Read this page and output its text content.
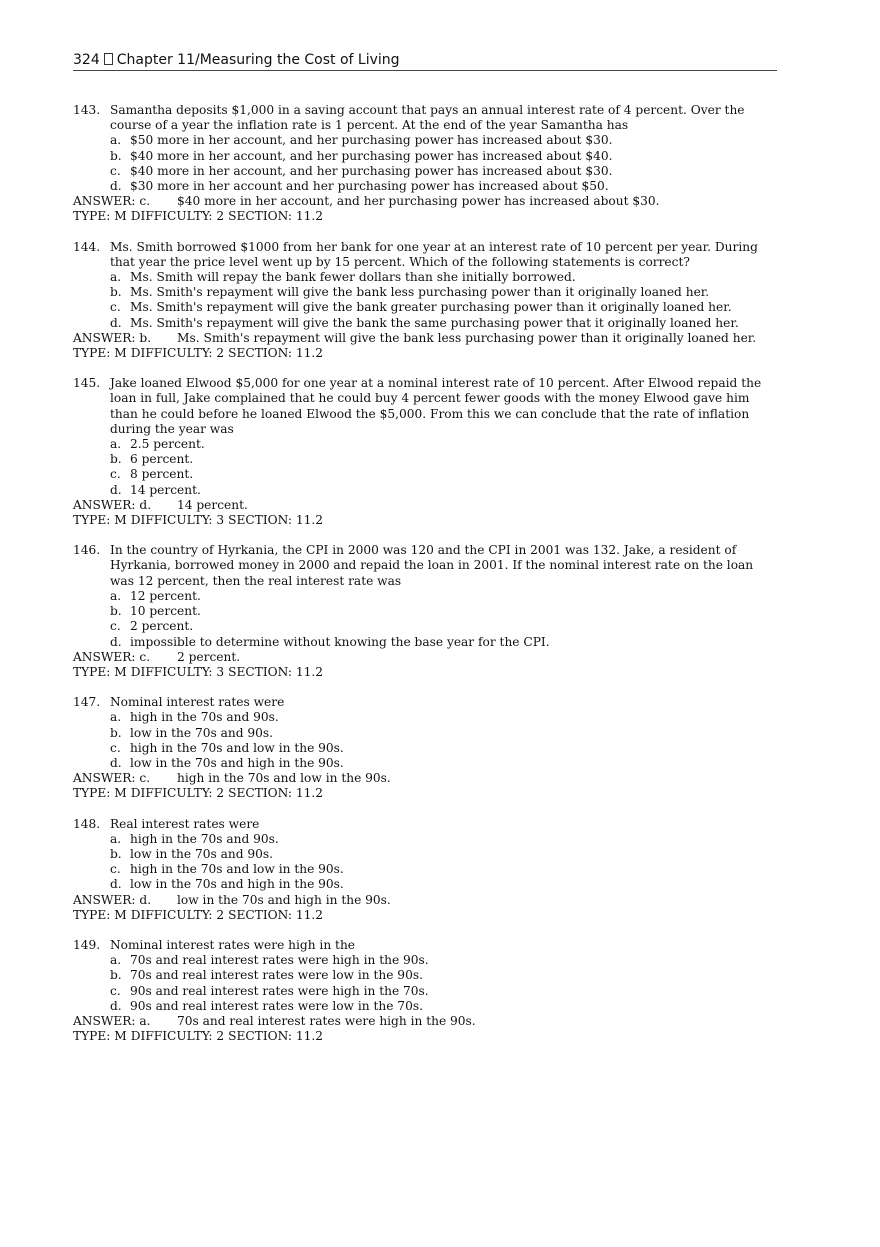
324 Chapter 11/Measuring the Cost of Living
143. Samantha deposits $1,000 in a saving account that pays an annual interest rate of 4 percent. Over the course of a year the inflation rate is 1 percent. At the end of the year Samantha has
a. $50 more in her account, and her purchasing power has increased about $30.
b. $40 more in her account, and her purchasing power has increased about $40.
c. $40 more in her account, and her purchasing power has increased about $30.
d. $30 more in her account and her purchasing power has increased about $50.
ANSWER: c.	$40 more in her account, and her purchasing power has increased about $30.
TYPE: M DIFFICULTY: 2 SECTION: 11.2
144. Ms. Smith borrowed $1000 from her bank for one year at an interest rate of 10 percent per year. During that year the price level went up by 15 percent. Which of the following statements is correct?
a. Ms. Smith will repay the bank fewer dollars than she initially borrowed.
b. Ms. Smith's repayment will give the bank less purchasing power than it originally loaned her.
c. Ms. Smith's repayment will give the bank greater purchasing power than it originally loaned her.
d. Ms. Smith's repayment will give the bank the same purchasing power that it originally loaned her.
ANSWER: b.	Ms. Smith's repayment will give the bank less purchasing power than it originally loaned her.
TYPE: M DIFFICULTY: 2 SECTION: 11.2
145. Jake loaned Elwood $5,000 for one year at a nominal interest rate of 10 percent. After Elwood repaid the loan in full, Jake complained that he could buy 4 percent fewer goods with the money Elwood gave him than he could before he loaned Elwood the $5,000. From this we can conclude that the rate of inflation during the year was
a. 2.5 percent.
b. 6 percent.
c. 8 percent.
d. 14 percent.
ANSWER: d.	14 percent.
TYPE: M DIFFICULTY: 3 SECTION: 11.2
146. In the country of Hyrkania, the CPI in 2000 was 120 and the CPI in 2001 was 132. Jake, a resident of Hyrkania, borrowed money in 2000 and repaid the loan in 2001. If the nominal interest rate on the loan was 12 percent, then the real interest rate was
a. 12 percent.
b. 10 percent.
c. 2 percent.
d. impossible to determine without knowing the base year for the CPI.
ANSWER: c.	2 percent.
TYPE: M DIFFICULTY: 3 SECTION: 11.2
147. Nominal interest rates were
a. high in the 70s and 90s.
b. low in the 70s and 90s.
c. high in the 70s and low in the 90s.
d. low in the 70s and high in the 90s.
ANSWER: c.	high in the 70s and low in the 90s.
TYPE: M DIFFICULTY: 2 SECTION: 11.2
148. Real interest rates were
a. high in the 70s and 90s.
b. low in the 70s and 90s.
c. high in the 70s and low in the 90s.
d. low in the 70s and high in the 90s.
ANSWER: d.	low in the 70s and high in the 90s.
TYPE: M DIFFICULTY: 2 SECTION: 11.2
149. Nominal interest rates were high in the
a. 70s and real interest rates were high in the 90s.
b. 70s and real interest rates were low in the 90s.
c. 90s and real interest rates were high in the 70s.
d. 90s and real interest rates were low in the 70s.
ANSWER: a.	70s and real interest rates were high in the 90s.
TYPE: M DIFFICULTY: 2 SECTION: 11.2
